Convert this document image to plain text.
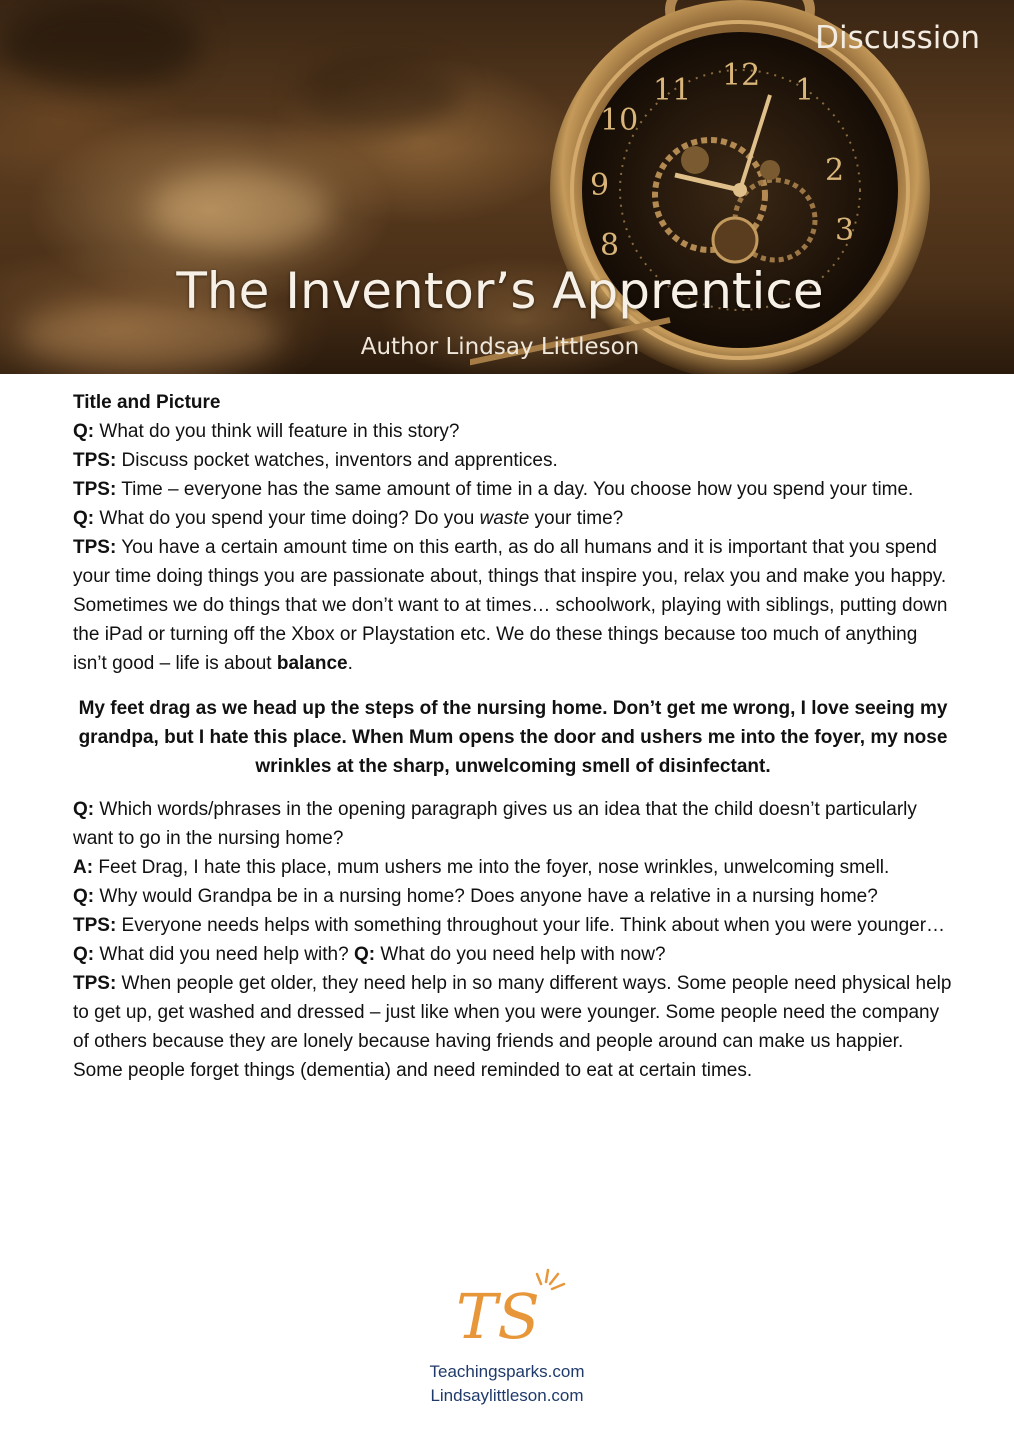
11 12 1
2
10
9
8	3
Discussion
The Inventor’s Apprentice
Author Lindsay Littleson

Title and Picture

Q: What do you think will feature in this story?

TPS: Discuss pocket watches, inventors and apprentices.

TPS: Time – everyone has the same amount of time in a day. You choose how you spend your time.

Q: What do you spend your time doing? Do you waste your time?

TPS: You have a certain amount time on this earth, as do all humans and it is important that you spend your time doing things you are passionate about, things that inspire you, relax you and make you happy. Sometimes we do things that we don’t want to at times… schoolwork, playing with siblings, putting down the iPad or turning off the Xbox or Playstation etc. We do these things because too much of anything isn’t good – life is about balance.

My feet drag as we head up the steps of the nursing home. Don’t get me wrong, I love seeing my grandpa, but I hate this place. When Mum opens the door and ushers me into the foyer, my nose wrinkles at the sharp, unwelcoming smell of disinfectant.

Q: Which words/phrases in the opening paragraph gives us an idea that the child doesn’t particularly want to go in the nursing home?

A: Feet Drag, I hate this place, mum ushers me into the foyer, nose wrinkles, unwelcoming smell.

Q: Why would Grandpa be in a nursing home? Does anyone have a relative in a nursing home?

TPS: Everyone needs helps with something throughout your life. Think about when you were younger… Q: What did you need help with? Q: What do you need help with now?

TPS: When people get older, they need help in so many different ways. Some people need physical help to get up, get washed and dressed – just like when you were younger. Some people need the company of others because they are lonely because having friends and people around can make us happier. Some people forget things (dementia) and need reminded to eat at certain times.

TS
Teachingsparks.com
Lindsaylittleson.com
